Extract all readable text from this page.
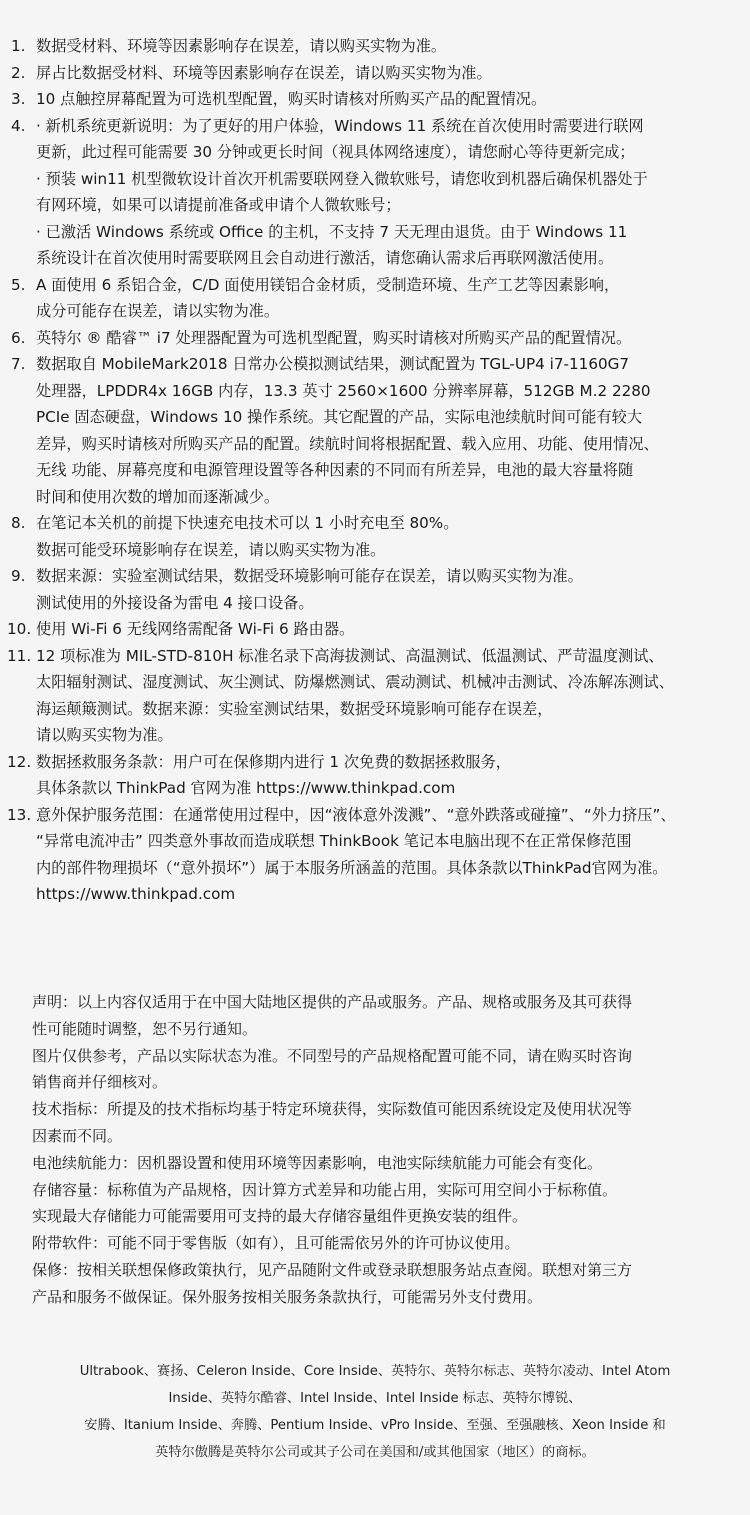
1. 数据受材料、环境等因素影响存在误差，请以购买实物为准。
2. 屏占比数据受材料、环境等因素影响存在误差，请以购买实物为准。
3. 10 点触控屏幕配置为可选机型配置，购买时请核对所购买产品的配置情况。
4. · 新机系统更新说明：为了更好的用户体验，Windows 11 系统在首次使用时需要进行联网
更新，此过程可能需要 30 分钟或更长时间（视具体网络速度），请您耐心等待更新完成；
· 预装 win11 机型微软设计首次开机需要联网登入微软账号，请您收到机器后确保机器处于
有网环境，如果可以请提前准备或申请个人微软账号；
· 已激活 Windows 系统或 Office 的主机，不支持 7 天无理由退货。由于 Windows 11
系统设计在首次使用时需要联网且会自动进行激活，请您确认需求后再联网激活使用。
5. A 面使用 6 系铝合金，C/D 面使用镁铝合金材质，受制造环境、生产工艺等因素影响，
成分可能存在误差，请以实物为准。
6. 英特尔 ® 酷睿™ i7 处理器配置为可选机型配置，购买时请核对所购买产品的配置情况。
7. 数据取自 MobileMark2018 日常办公模拟测试结果，测试配置为 TGL-UP4 i7-1160G7
处理器，LPDDR4x 16GB 内存，13.3 英寸 2560×1600 分辨率屏幕，512GB M.2 2280
PCIe 固态硬盘，Windows 10 操作系统。其它配置的产品，实际电池续航时间可能有较大
差异，购买时请核对所购买产品的配置。续航时间将根据配置、载入应用、功能、使用情况、
无线 功能、屏幕亮度和电源管理设置等各种因素的不同而有所差异，电池的最大容量将随
时间和使用次数的增加而逐渐减少。
8. 在笔记本关机的前提下快速充电技术可以 1 小时充电至 80%。
数据可能受环境影响存在误差，请以购买实物为准。
9. 数据来源：实验室测试结果，数据受环境影响可能存在误差，请以购买实物为准。
测试使用的外接设备为雷电 4 接口设备。
10. 使用 Wi-Fi 6 无线网络需配备 Wi-Fi 6 路由器。
11. 12 项标准为 MIL-STD-810H 标准名录下高海拔测试、高温测试、低温测试、严苛温度测试、
太阳辐射测试、湿度测试、灰尘测试、防爆燃测试、震动测试、机械冲击测试、冷冻解冻测试、
海运颠簸测试。数据来源：实验室测试结果，数据受环境影响可能存在误差，
请以购买实物为准。
12. 数据拯救服务条款：用户可在保修期内进行 1 次免费的数据拯救服务，
具体条款以 ThinkPad 官网为准 https://www.thinkpad.com
13. 意外保护服务范围：在通常使用过程中，因“液体意外泼溅”、“意外跌落或碰撞”、“外力挤压”、
“异常电流冲击” 四类意外事故而造成联想 ThinkBook 笔记本电脑出现不在正常保修范围
内的部件物理损坏（“意外损坏”）属于本服务所涵盖的范围。具体条款以ThinkPad官网为准。
https://www.thinkpad.com
声明：以上内容仅适用于在中国大陆地区提供的产品或服务。产品、规格或服务及其可获得
性可能随时调整，恕不另行通知。
图片仅供参考，产品以实际状态为准。不同型号的产品规格配置可能不同，请在购买时咨询
销售商并仔细核对。
技术指标：所提及的技术指标均基于特定环境获得，实际数值可能因系统设定及使用状况等
因素而不同。
电池续航能力：因机器设置和使用环境等因素影响，电池实际续航能力可能会有变化。
存储容量：标称值为产品规格，因计算方式差异和功能占用，实际可用空间小于标称值。
实现最大存储能力可能需要用可支持的最大存储容量组件更换安装的组件。
附带软件：可能不同于零售版（如有），且可能需依另外的许可协议使用。
保修：按相关联想保修政策执行，见产品随附文件或登录联想服务站点查阅。联想对第三方
产品和服务不做保证。保外服务按相关服务条款执行，可能需另外支付费用。
Ultrabook、赛扬、Celeron Inside、Core Inside、英特尔、英特尔标志、英特尔凌动、Intel Atom
Inside、英特尔酷睿、Intel Inside、Intel Inside 标志、英特尔博锐、
安腾、Itanium Inside、奔腾、Pentium Inside、vPro Inside、至强、至强融核、Xeon Inside 和
英特尔傲腾是英特尔公司或其子公司在美国和/或其他国家（地区）的商标。
